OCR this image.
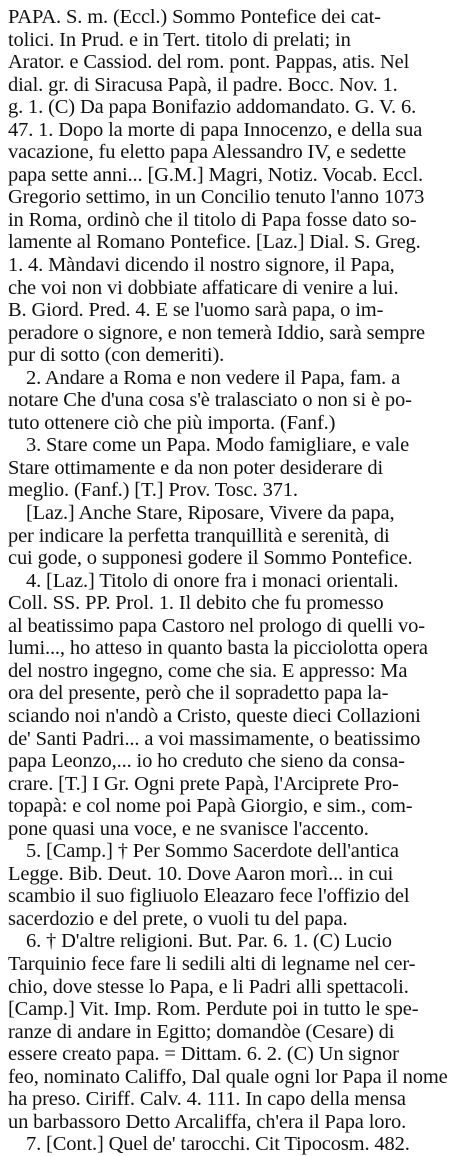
PAPA. S. m. (Eccl.) Sommo Pontefice dei cat-
tolici. In Prud. e in Tert. titolo di prelati; in
Arator. e Cassiod. del rom. pont. Pappas, atis. Nel
dial. gr. di Siracusa Papà, il padre. Bocc. Nov. 1.
g. 1. (C) Da papa Bonifazio addomandato. G. V. 6.
47. 1. Dopo la morte di papa Innocenzo, e della sua
vacazione, fu eletto papa Alessandro IV, e sedette
papa sette anni... [G.M.] Magri, Notiz. Vocab. Eccl.
Gregorio settimo, in un Concilio tenuto l'anno 1073
in Roma, ordinò che il titolo di Papa fosse dato so-
lamente al Romano Pontefice. [Laz.] Dial. S. Greg.
1. 4. Màndavi dicendo il nostro signore, il Papa,
che voi non vi dobbiate affaticare di venire a lui.
B. Giord. Pred. 4. E se l'uomo sarà papa, o im-
peradore o signore, e non temerà Iddio, sarà sempre
pur di sotto (con demeriti).
2. Andare a Roma e non vedere il Papa, fam. a
notare Che d'una cosa s'è tralasciato o non si è po-
tuto ottenere ciò che più importa. (Fanf.)
3. Stare come un Papa. Modo famigliare, e vale
Stare ottimamente e da non poter desiderare di
meglio. (Fanf.) [T.] Prov. Tosc. 371.
[Laz.] Anche Stare, Riposare, Vivere da papa,
per indicare la perfetta tranquillità e serenità, di
cui gode, o supponesi godere il Sommo Pontefice.
4. [Laz.] Titolo di onore fra i monaci orientali.
Coll. SS. PP. Prol. 1. Il debito che fu promesso
al beatissimo papa Castoro nel prologo di quelli vo-
lumi..., ho atteso in quanto basta la picciolotta opera
del nostro ingegno, come che sia. E appresso: Ma
ora del presente, però che il sopradetto papa la-
sciando noi n'andò a Cristo, queste dieci Collazioni
de' Santi Padri... a voi massimamente, o beatissimo
papa Leonzo,... io ho creduto che sieno da consa-
crare. [T.] I Gr. Ogni prete Papà, l'Arciprete Pro-
topapà: e col nome poi Papà Giorgio, e sim., com-
pone quasi una voce, e ne svanisce l'accento.
5. [Camp.] † Per Sommo Sacerdote dell'antica
Legge. Bib. Deut. 10. Dove Aaron morì... in cui
scambio il suo figliuolo Eleazaro fece l'offizio del
sacerdozio e del prete, o vuoli tu del papa.
6. † D'altre religioni. But. Par. 6. 1. (C) Lucio
Tarquinio fece fare li sedili alti di legname nel cer-
chio, dove stesse lo Papa, e li Padri alli spettacoli.
[Camp.] Vit. Imp. Rom. Perdute poi in tutto le spe-
ranze di andare in Egitto; domandòe (Cesare) di
essere creato papa. = Dittam. 6. 2. (C) Un signor
feo, nominato Califfo, Dal quale ogni lor Papa il nome
ha preso. Ciriff. Calv. 4. 111. In capo della mensa
un barbassoro Detto Arcaliffa, ch'era il Papa loro.
7. [Cont.] Quel de' tarocchi. Cit Tipocosm. 482.
